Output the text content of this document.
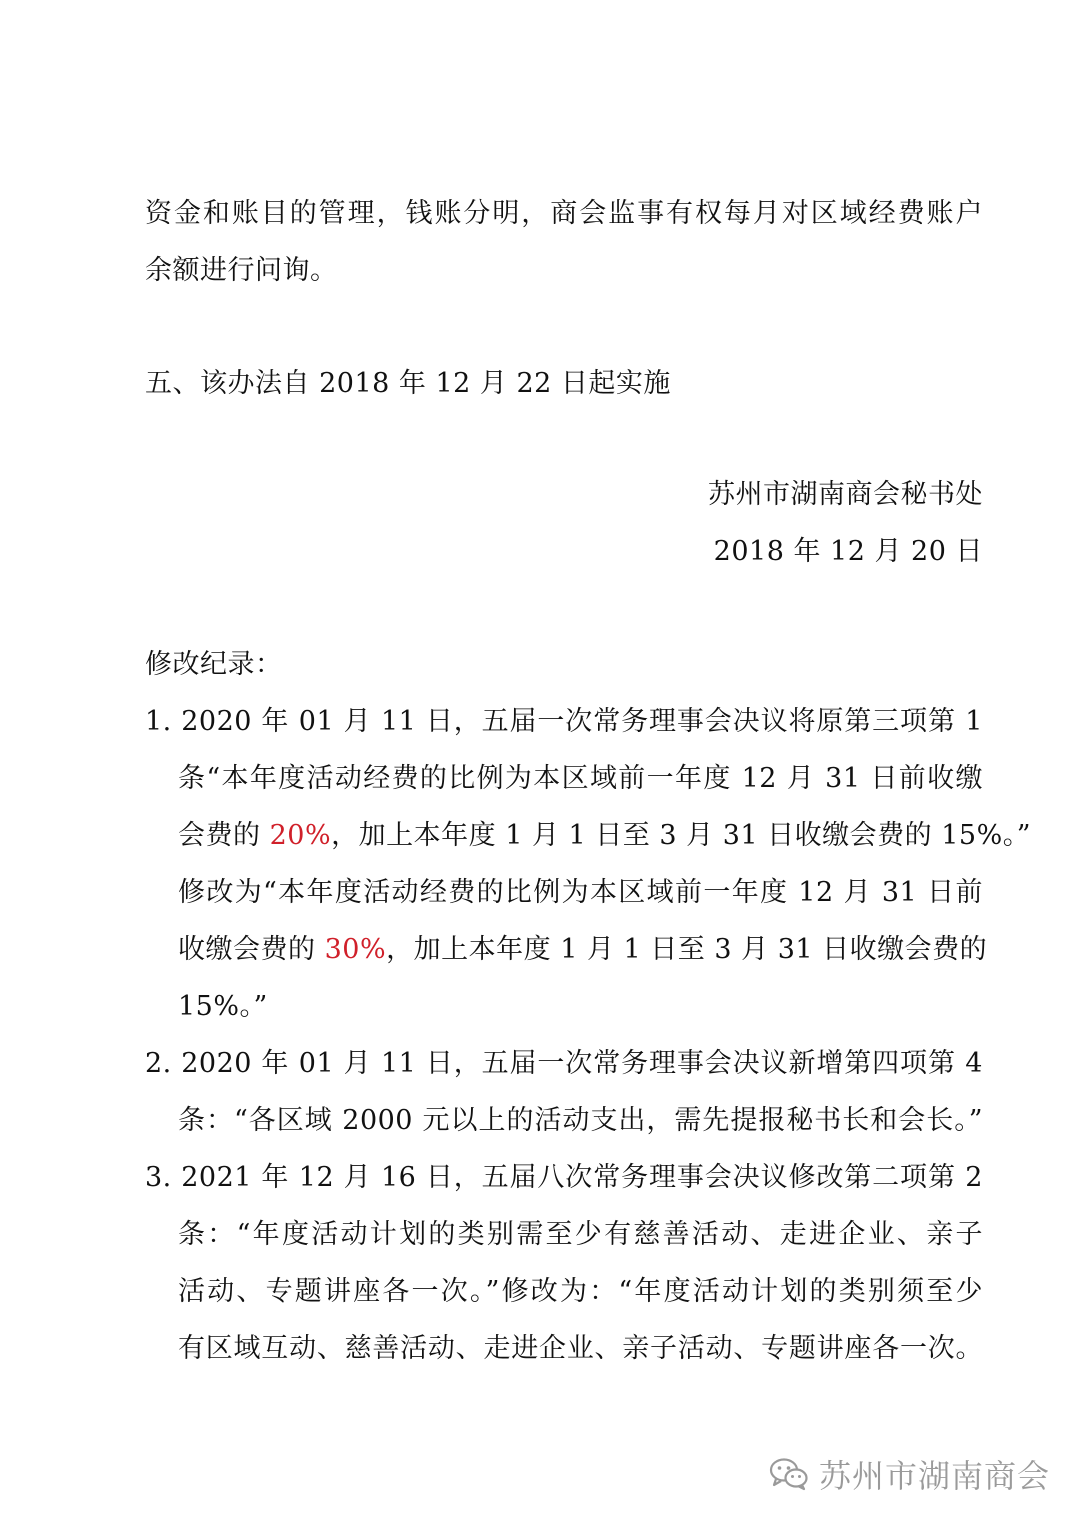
资金和账目的管理，钱账分明，商会监事有权每月对区域经费账户
余额进行问询。
五、该办法自 2018 年 12 月 22 日起实施
苏州市湖南商会秘书处
2018 年 12 月 20 日
修改纪录：
1. 2020 年 01 月 11 日，五届一次常务理事会决议将原第三项第 1
条“本年度活动经费的比例为本区域前一年度 12 月 31 日前收缴
会费的 20%，加上本年度 1 月 1 日至 3 月 31 日收缴会费的 15%。”
修改为“本年度活动经费的比例为本区域前一年度 12 月 31 日前
收缴会费的 30%，加上本年度 1 月 1 日至 3 月 31 日收缴会费的
15%。”
2. 2020 年 01 月 11 日，五届一次常务理事会决议新增第四项第 4
条：“各区域 2000 元以上的活动支出，需先提报秘书长和会长。”
3. 2021 年 12 月 16 日，五届八次常务理事会决议修改第二项第 2
条：“年度活动计划的类别需至少有慈善活动、走进企业、亲子
活动、专题讲座各一次。”修改为：“年度活动计划的类别须至少
有区域互动、慈善活动、走进企业、亲子活动、专题讲座各一次。
苏州市湖南商会
